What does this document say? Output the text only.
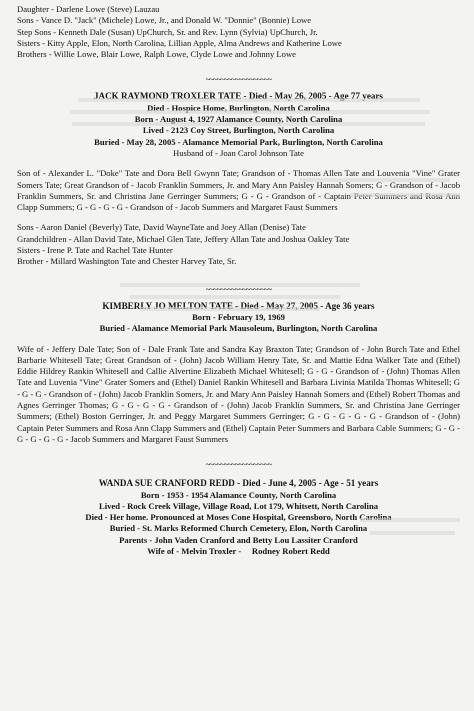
Daughter - Darlene Lowe (Steve) Lauzau

Sons - Vance D. "Jack" (Michele) Lowe, Jr., and Donald W. "Donnie" (Bonnie) Lowe

Step Sons - Kenneth Dale (Susan) UpChurch, Sr. and Rev. Lynn (Sylvia) UpChurch, Jr.

Sisters - Kitty Apple, Elon, North Carolina, Lillian Apple, Alma Andrews and Katherine Lowe

Brothers - Willie Lowe, Blair Lowe, Ralph Lowe, Clyde Lowe and Johnny Lowe

~~~~~~~~~~~~~~~~~~

JACK RAYMOND TROXLER TATE - Died - May 26, 2005 - Age 77 years

Died - Hospice Home, Burlington, North Carolina

Born - August 4, 1927 Alamance County, North Carolina

Lived - 2123 Coy Street, Burlington, North Carolina

Buried - May 28, 2005 - Alamance Memorial Park, Burlington, North Carolina

Husband of - Joan Carol Johnson Tate

Son of - Alexander L. "Doke" Tate and Dora Bell Gwynn Tate; Grandson of - Thomas Allen Tate and Louvenia "Vine" Grater Somers Tate; Great Grandson of - Jacob Franklin Summers, Jr. and Mary Ann Paisley Hannah Somers; G - Grandson of - Jacob Franklin Summers, Sr. and Christina Jane Gerringer Summers; G - G - Grandson of - Captain Peter Summers and Rosa Ann Clapp Summers; G - G - G - G - Grandson of - Jacob Summers and Margaret Faust Summers

Sons - Aaron Daniel (Beverly) Tate, David WayneTate and Joey Allan (Denise) Tate

Grandchildren - Allan David Tate, Michael Glen Tate, Jeffery Allan Tate and Joshua Oakley Tate

Sisters - Irene P. Tate and Rachel Tate Hunter

Brother - Millard Washington Tate and Chester Harvey Tate, Sr.

~~~~~~~~~~~~~~~~~~

KIMBERLY JO MELTON TATE - Died - May 27, 2005 - Age 36 years

Born - February 19, 1969

Buried - Alamance Memorial Park Mausoleum, Burlington, North Carolina

Wife of - Jeffery Dale Tate; Son of - Dale Frank Tate and Sandra Kay Braxton Tate; Grandson of - John Burch Tate and Ethel Barbarie Whitesell Tate; Great Grandson of - (John) Jacob William Henry Tate, Sr. and Mattie Edna Walker Tate and (Ethel) Eddie Hildrey Rankin Whitesell and Callie Alvertine Elizabeth Michael Whitesell; G - G - Grandson of - (John) Thomas Allen Tate and Luvenia "Vine" Grater Somers and (Ethel) Daniel Rankin Whitesell and Barbara Livinia Matilda Thomas Whitesell; G - G - G - Grandson of - (John) Jacob Franklin Somers, Jr. and Mary Ann Paisley Hannah Somers and (Ethel) Robert Thomas and Agnes Gerringer Thomas; G - G - G - G - Grandson of - (John) Jacob Franklin Summers, Sr. and Christina Jane Gerringer Summers; (Ethel) Boston Gerringer, Jr. and Peggy Margaret Summers Gerringer; G - G - G - G - G - Grandson of - (John) Captain Peter Summers and Rosa Ann Clapp Summers and (Ethel) Captain Peter Summers and Barbara Cable Summers; G - G - G - G - G - G - Jacob Summers and Margaret Faust Summers

~~~~~~~~~~~~~~~~~~

WANDA SUE CRANFORD REDD - Died - June 4, 2005 - Age - 51 years

Born - 1953 - 1954 Alamance County, North Carolina

Lived - Rock Creek Village, Village Road, Lot 179, Whitsett, North Carolina

Died - Her home. Pronounced at Moses Cone Hospital, Greensboro, North Carolina

Buried - St. Marks Reformed Church Cemetery, Elon, North Carolina

Parents - John Vaden Cranford and Betty Lou Lassiter Cranford

Wife of - Melvin Troxler -     Rodney Robert Redd
